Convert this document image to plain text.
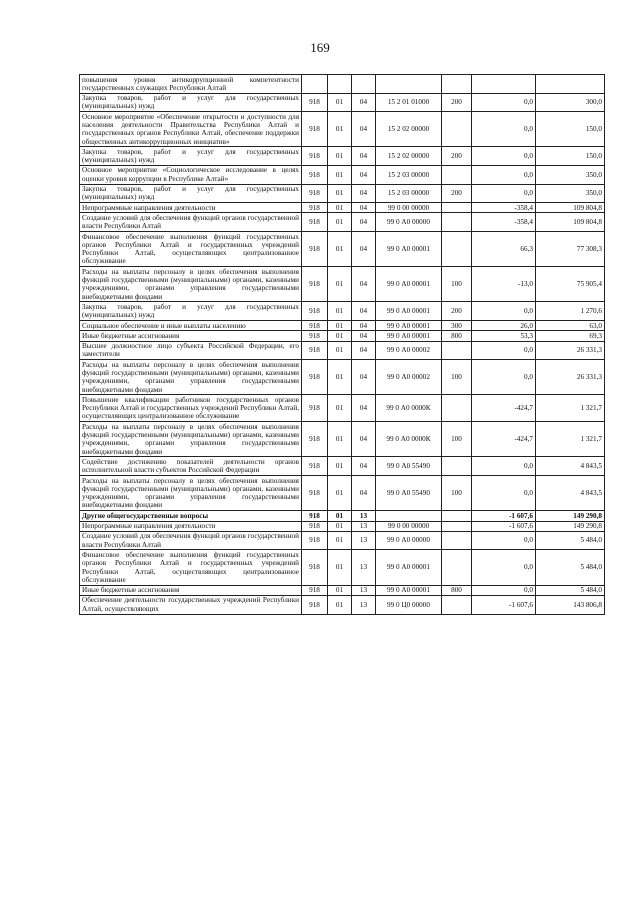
169
повышения уровня антикоррупционной компетентности государственных служащих Республики Алтай							
Закупка товаров, работ и услуг для государственных (муниципальных) нужд	918	01	04	15 2 01 01000	200	0,0	300,0
Основное мероприятие «Обеспечение открытости и доступности для населения деятельности Правительства Республики Алтай и государственных органов Республики Алтай, обеспечение поддержки общественных антикоррупционных инициатив»	918	01	04	15 2 02 00000		0,0	150,0
Закупка товаров, работ и услуг для государственных (муниципальных) нужд	918	01	04	15 2 02 00000	200	0,0	150,0
Основное мероприятие «Социологическое исследование в целях оценки уровня коррупции в Республике Алтай»	918	01	04	15 2 03 00000		0,0	350,0
Закупка товаров, работ и услуг для государственных (муниципальных) нужд	918	01	04	15 2 03 00000	200	0,0	350,0
Непрограммные направления деятельности	918	01	04	99 0 00 00000		-358,4	109 804,8
Создание условий для обеспечения функций органов государственной власти Республики Алтай	918	01	04	99 0 А0 00000		-358,4	109 804,8
Финансовое обеспечение выполнения функций государственных органов Республики Алтай и государственных учреждений Республики Алтай, осуществляющих централизованное обслуживание	918	01	04	99 0 А0 00001		66,3	77 308,3
Расходы на выплаты персоналу в целях обеспечения выполнения функций государственными (муниципальными) органами, казенными учреждениями, органами управления государственными внебюджетными фондами	918	01	04	99 0 А0 00001	100	-13,0	75 905,4
Закупка товаров, работ и услуг для государственных (муниципальных) нужд	918	01	04	99 0 А0 00001	200	0,0	1 270,6
Социальное обеспечение и иные выплаты населению	918	01	04	99 0 А0 00001	300	26,0	63,0
Иные бюджетные ассигнования	918	01	04	99 0 А0 00001	800	53,3	69,3
Высшее должностное лицо субъекта Российской Федерации, его заместители	918	01	04	99 0 А0 00002		0,0	26 331,3
Расходы на выплаты персоналу в целях обеспечения выполнения функций государственными (муниципальными) органами, казенными учреждениями, органами управления государственными внебюджетными фондами	918	01	04	99 0 А0 00002	100	0,0	26 331,3
Повышение квалификации работников государственных органов Республики Алтай и государственных учреждений Республики Алтай, осуществляющих централизованное обслуживание	918	01	04	99 0 А0 0000К		-424,7	1 321,7
Расходы на выплаты персоналу в целях обеспечения выполнения функций государственными (муниципальными) органами, казенными учреждениями, органами управления государственными внебюджетными фондами	918	01	04	99 0 А0 0000К	100	-424,7	1 321,7
Содействие достижению показателей деятельности органов исполнительной власти субъектов Российской Федерации	918	01	04	99 0 А0 55490		0,0	4 843,5
Расходы на выплаты персоналу в целях обеспечения выполнения функций государственными (муниципальными) органами, казенными учреждениями, органами управления государственными внебюджетными фондами	918	01	04	99 0 А0 55490	100	0,0	4 843,5
Другие общегосударственные вопросы	918	01	13			-1 607,6	149 290,8
Непрограммные направления деятельности	918	01	13	99 0 00 00000		-1 607,6	149 290,8
Создание условий для обеспечения функций органов государственной власти Республики Алтай	918	01	13	99 0 А0 00000		0,0	5 484,0
Финансовое обеспечение выполнения функций государственных органов Республики Алтай и государственных учреждений Республики Алтай, осуществляющих централизованное обслуживание	918	01	13	99 0 А0 00001		0,0	5 484,0
Иные бюджетные ассигнования	918	01	13	99 0 А0 00001	800	0,0	5 484,0
Обеспечение деятельности государственных учреждений Республики Алтай, осуществляющих	918	01	13	99 0 Ц0 00000		-1 607,6	143 806,8
